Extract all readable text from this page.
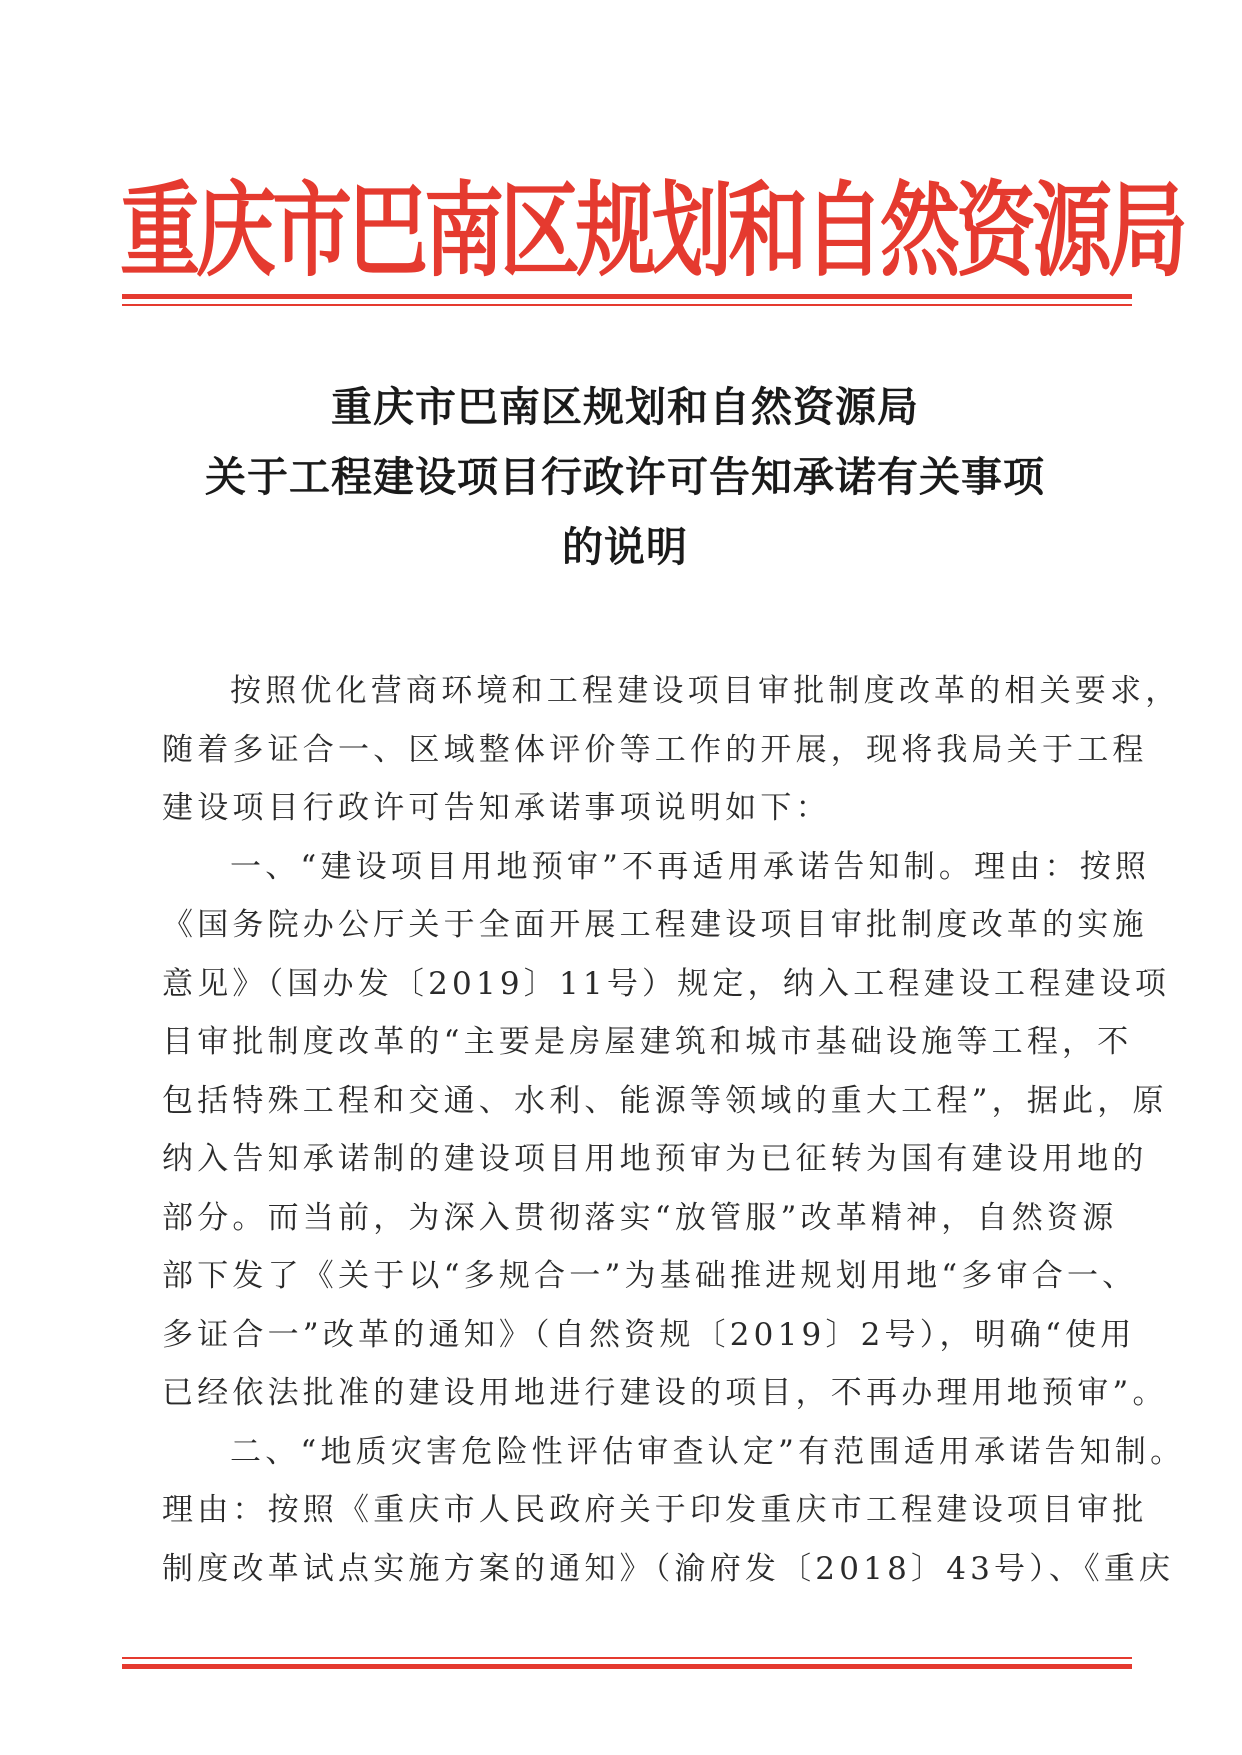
重庆市巴南区规划和自然资源局
重庆市巴南区规划和自然资源局
关于工程建设项目行政许可告知承诺有关事项
的说明
按照优化营商环境和工程建设项目审批制度改革的相关要求，
随着多证合一、区域整体评价等工作的开展，现将我局关于工程
建设项目行政许可告知承诺事项说明如下：
一、“建设项目用地预审”不再适用承诺告知制。理由：按照
《国务院办公厅关于全面开展工程建设项目审批制度改革的实施
意见》（国办发〔2019〕11号）规定，纳入工程建设工程建设项
目审批制度改革的“主要是房屋建筑和城市基础设施等工程，不
包括特殊工程和交通、水利、能源等领域的重大工程”，据此，原
纳入告知承诺制的建设项目用地预审为已征转为国有建设用地的
部分。而当前，为深入贯彻落实“放管服”改革精神，自然资源
部下发了《关于以“多规合一”为基础推进规划用地“多审合一、
多证合一”改革的通知》（自然资规〔2019〕2号），明确“使用
已经依法批准的建设用地进行建设的项目，不再办理用地预审”。
二、“地质灾害危险性评估审查认定”有范围适用承诺告知制。
理由：按照《重庆市人民政府关于印发重庆市工程建设项目审批
制度改革试点实施方案的通知》（渝府发〔2018〕43号）、《重庆
